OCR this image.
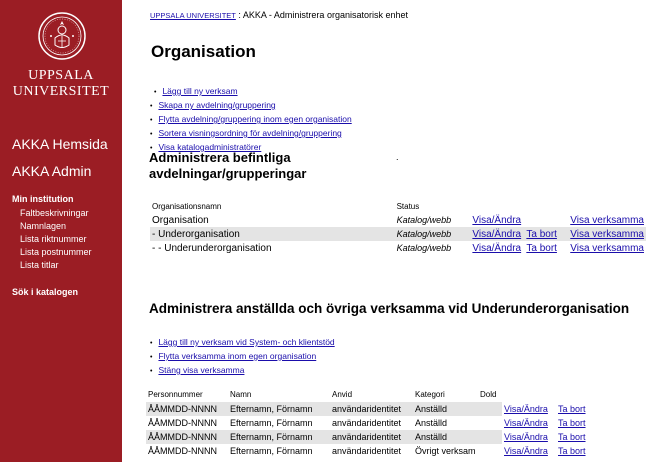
UPPSALA
UNIVERSITET
AKKA Hemsida
AKKA Admin
Min institution
Faltbeskrivningar
Namnlagen
Lista riktnummer
Lista postnummer
Lista titlar
Sök i katalogen
UPPSALA UNIVERSITET : AKKA - Administrera organisatorisk enhet
Organisation
• Lägg till ny verksam
• Skapa ny avdelning/gruppering
• Flytta avdelning/gruppering inom egen organisation
• Sortera visningsordning för avdelning/gruppering
• Visa katalogadministratörer
Administrera befintliga
avdelningar/grupperingar
.
Organisationsnamn	Status			
Organisation	Katalog/webb	Visa/Ändra		Visa verksamma
- Underorganisation	Katalog/webb	Visa/Ändra	Ta bort	Visa verksamma
- - Underunderorganisation	Katalog/webb	Visa/Ändra	Ta bort	Visa verksamma
Administrera anställda och övriga verksamma vid Underunderorganisation
• Lägg till ny verksam vid System- och klientstöd
• Flytta verksamma inom egen organisation
• Stäng visa verksamma
Personnummer	Namn	Anvid	Kategori	Dold		
ÅÅMMDD-NNNN	Efternamn, Förnamn	användaridentitet	Anställd		Visa/Ändra	Ta bort
ÅÅMMDD-NNNN	Efternamn, Förnamn	användaridentitet	Anställd		Visa/Ändra	Ta bort
ÅÅMMDD-NNNN	Efternamn, Förnamn	användaridentitet	Anställd		Visa/Ändra	Ta bort
ÅÅMMDD-NNNN	Efternamn, Förnamn	användaridentitet	Övrigt verksam		Visa/Ändra	Ta bort
